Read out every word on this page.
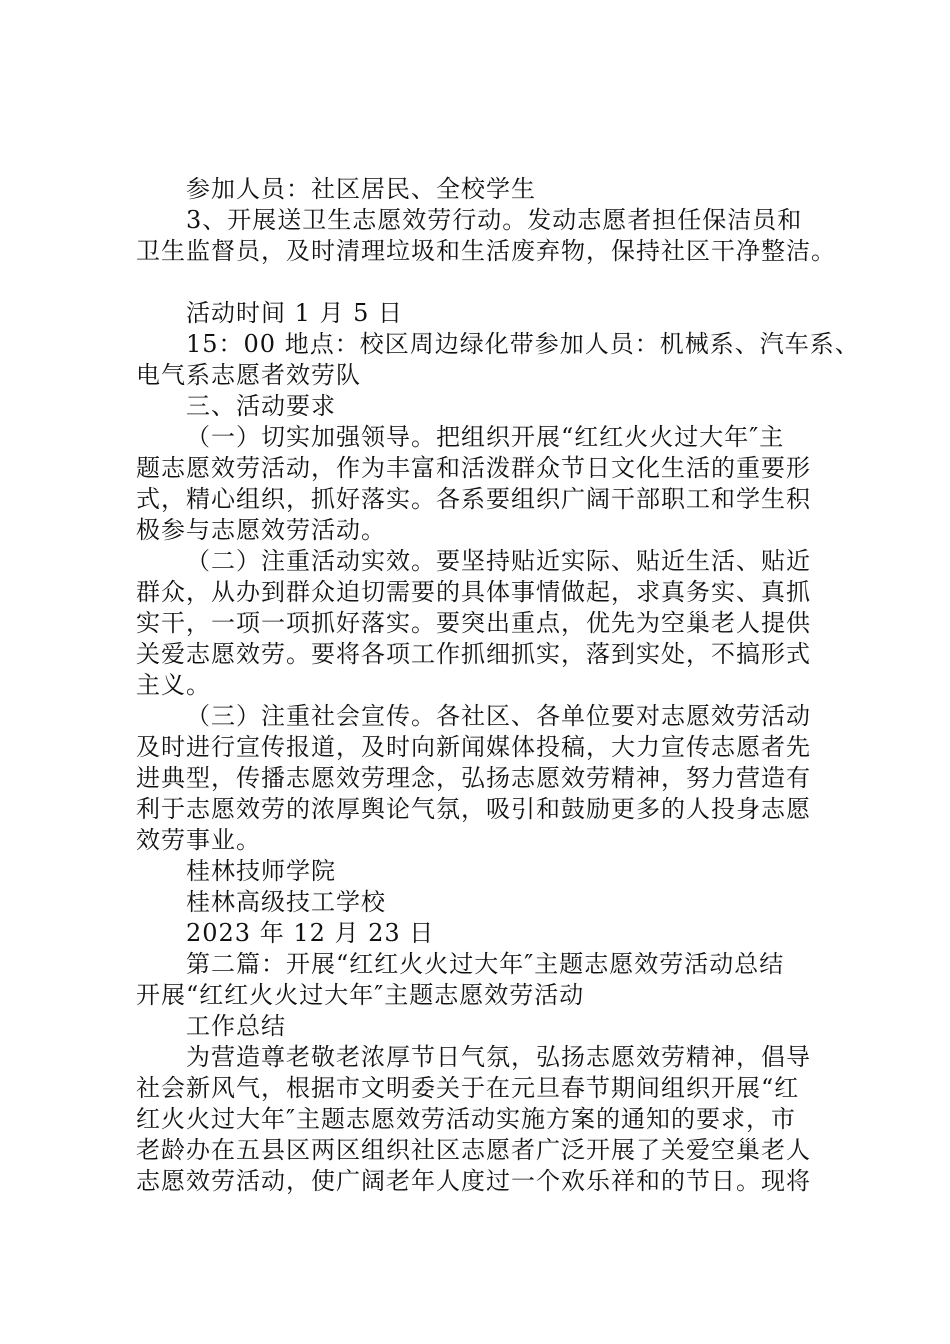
参加人员：社区居民、全校学生
3、开展送卫生志愿效劳行动。发动志愿者担任保洁员和
卫生监督员，及时清理垃圾和生活废弃物，保持社区干净整洁。
活动时间 1 月 5 日
15：00 地点：校区周边绿化带参加人员：机械系、汽车系、
电气系志愿者效劳队
三、活动要求
（一）切实加强领导。把组织开展“红红火火过大年″主
题志愿效劳活动，作为丰富和活泼群众节日文化生活的重要形
式，精心组织，抓好落实。各系要组织广阔干部职工和学生积
极参与志愿效劳活动。
（二）注重活动实效。要坚持贴近实际、贴近生活、贴近
群众，从办到群众迫切需要的具体事情做起，求真务实、真抓
实干，一项一项抓好落实。要突出重点，优先为空巢老人提供
关爱志愿效劳。要将各项工作抓细抓实，落到实处，不搞形式
主义。
（三）注重社会宣传。各社区、各单位要对志愿效劳活动
及时进行宣传报道，及时向新闻媒体投稿，大力宣传志愿者先
进典型，传播志愿效劳理念，弘扬志愿效劳精神，努力营造有
利于志愿效劳的浓厚舆论气氛，吸引和鼓励更多的人投身志愿
效劳事业。
桂林技师学院
桂林高级技工学校
2023 年 12 月 23 日
第二篇：开展“红红火火过大年″主题志愿效劳活动总结
开展“红红火火过大年″主题志愿效劳活动
工作总结
为营造尊老敬老浓厚节日气氛，弘扬志愿效劳精神，倡导
社会新风气，根据市文明委关于在元旦春节期间组织开展“红
红火火过大年″主题志愿效劳活动实施方案的通知的要求，市
老龄办在五县区两区组织社区志愿者广泛开展了关爱空巢老人
志愿效劳活动，使广阔老年人度过一个欢乐祥和的节日。现将
